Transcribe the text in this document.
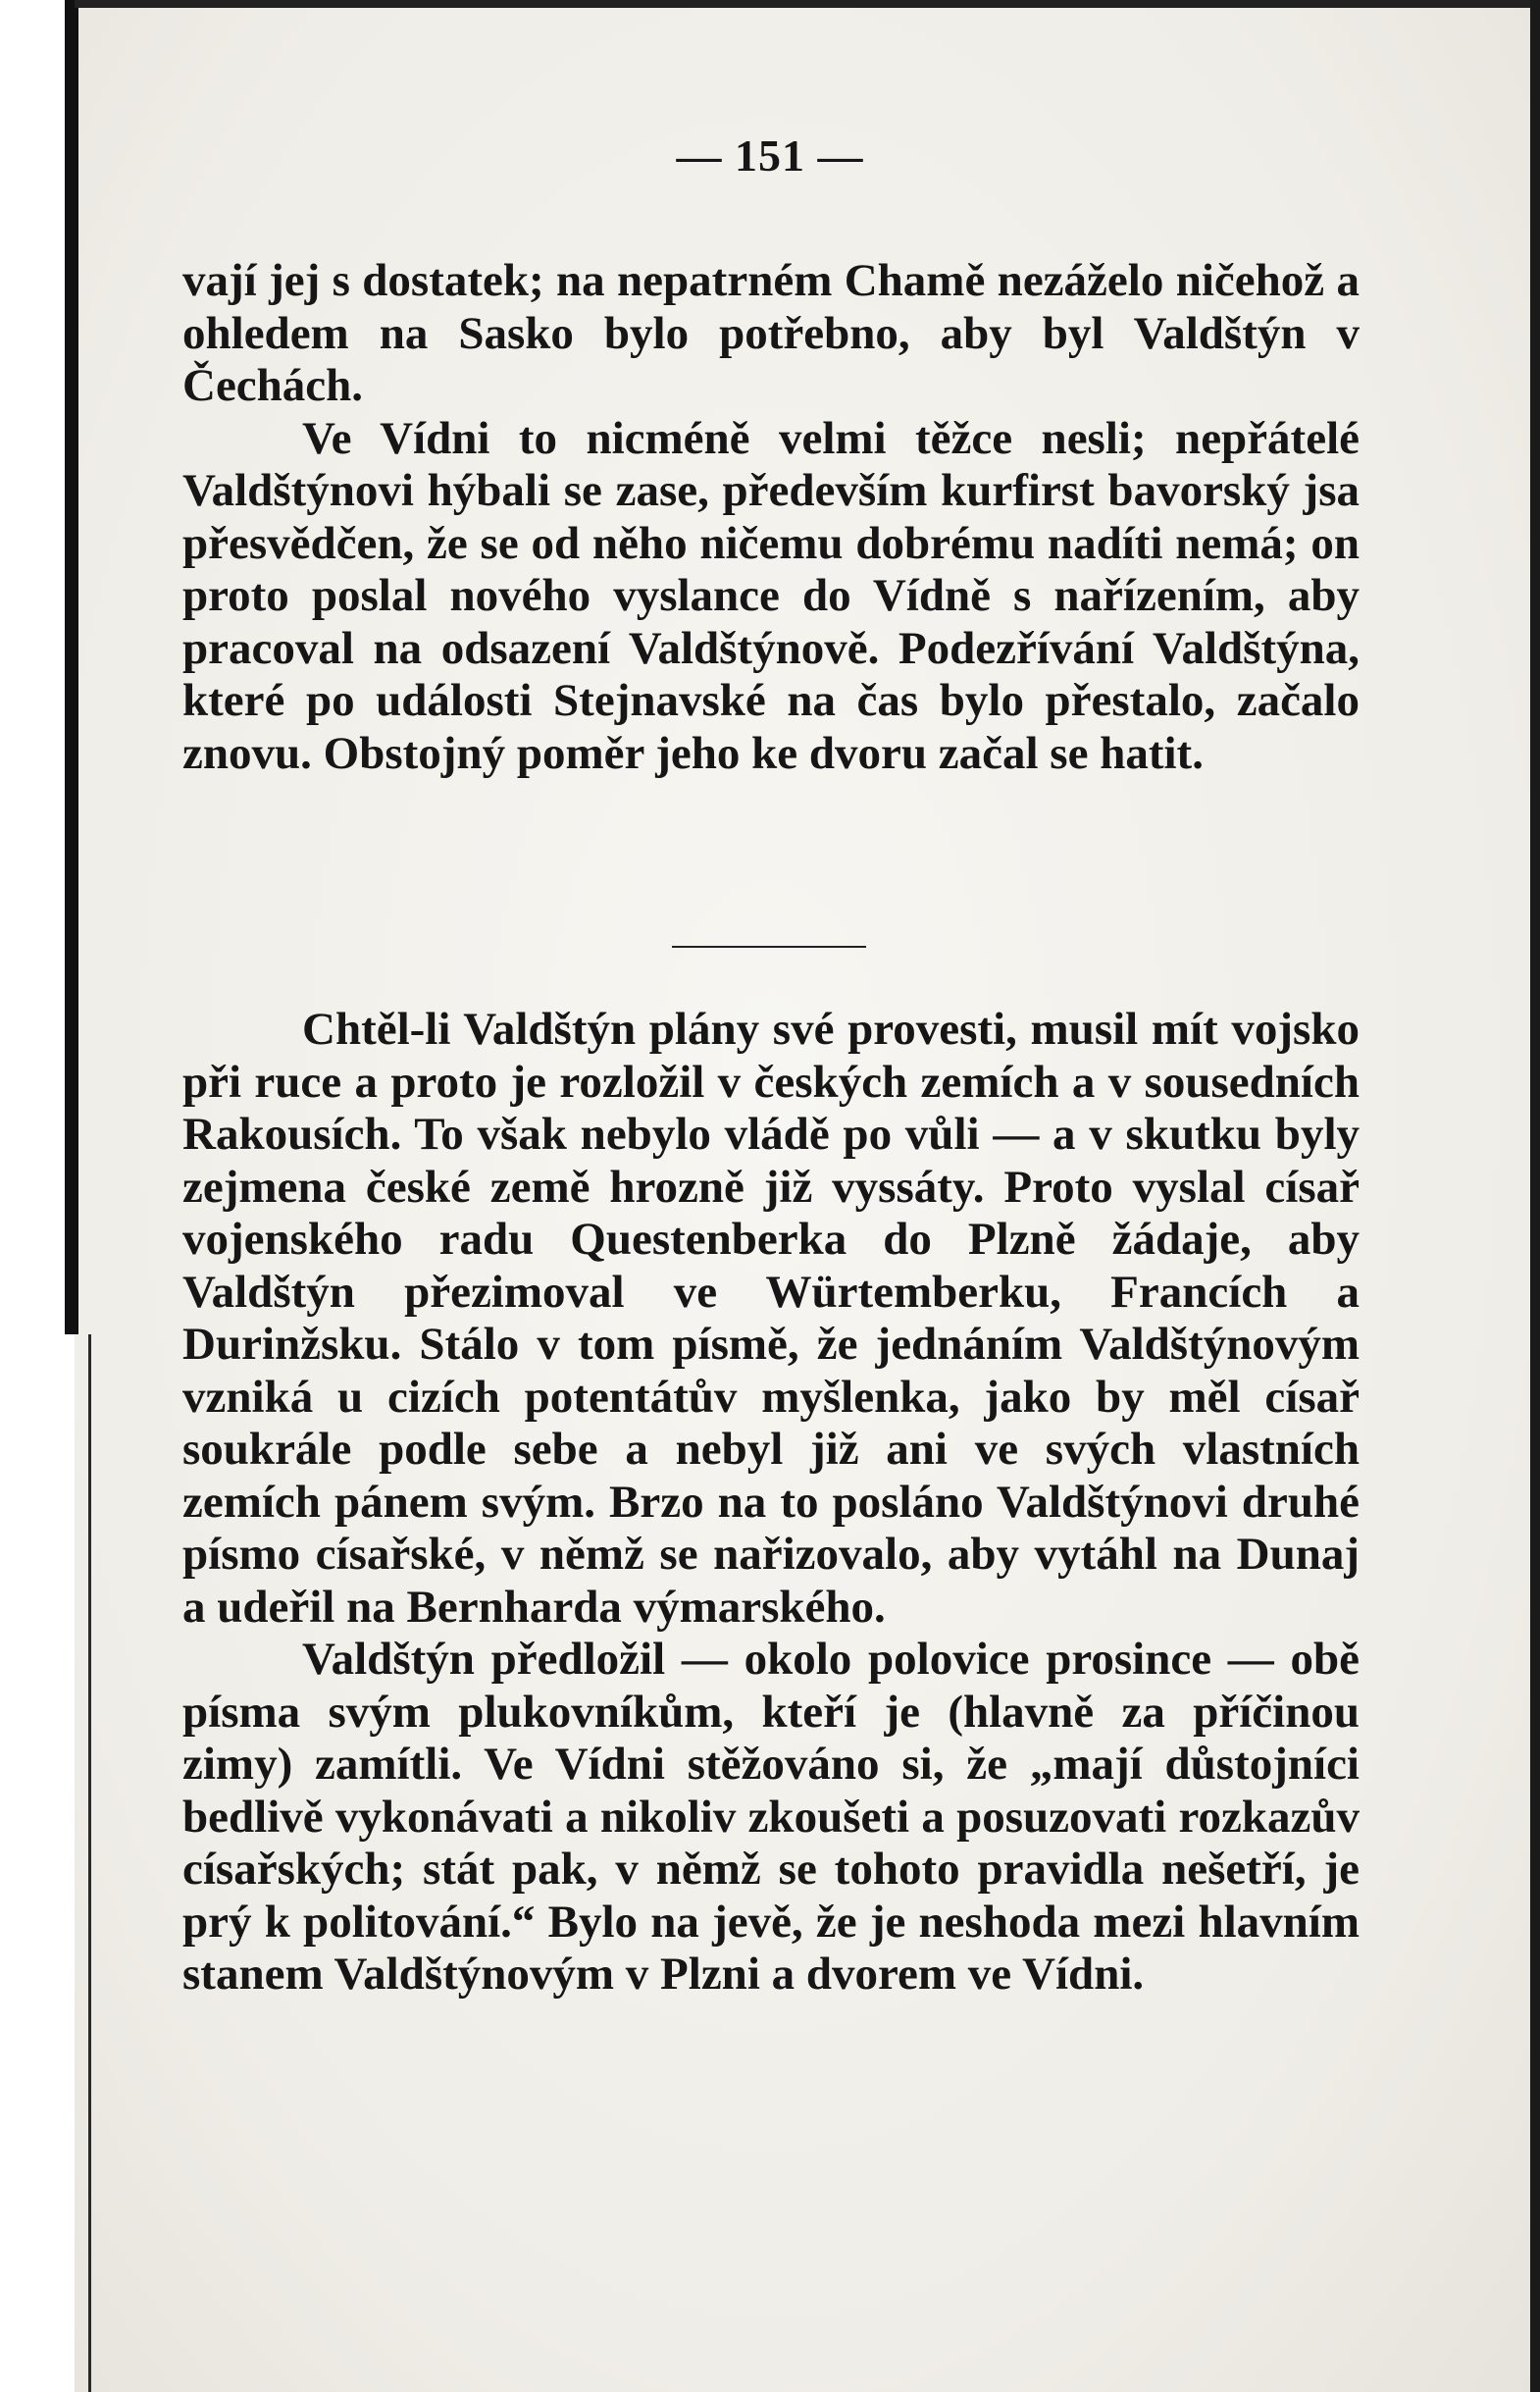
— 151 —

vají jej s dostatek; na nepatrném Chamě nezáželo ničehož a ohledem na Sasko bylo potřebno, aby byl Valdštýn v Čechách.

Ve Vídni to nicméně velmi těžce nesli; nepřátelé Valdštýnovi hýbali se zase, především kurfirst bavorský jsa přesvědčen, že se od něho ničemu dobrému nadíti nemá; on proto poslal nového vyslance do Vídně s nařízením, aby pracoval na odsazení Valdštýnově. Podezřívání Valdštýna, které po události Stejnavské na čas bylo přestalo, začalo znovu. Obstojný poměr jeho ke dvoru začal se hatit.

Chtěl-li Valdštýn plány své provesti, musil mít vojsko při ruce a proto je rozložil v českých zemích a v sousedních Rakousích. To však nebylo vládě po vůli — a v skutku byly zejmena české země hrozně již vyssáty. Proto vyslal císař vojenského radu Questenberka do Plzně žádaje, aby Valdštýn přezimoval ve Würtemberku, Francích a Durinžsku. Stálo v tom písmě, že jednáním Valdštýnovým vzniká u cizích potentátův myšlenka, jako by měl císař soukrále podle sebe a nebyl již ani ve svých vlastních zemích pánem svým. Brzo na to posláno Valdštýnovi druhé písmo císařské, v němž se nařizovalo, aby vytáhl na Dunaj a udeřil na Bernharda výmarského.

Valdštýn předložil — okolo polovice prosince — obě písma svým plukovníkům, kteří je (hlavně za příčinou zimy) zamítli. Ve Vídni stěžováno si, že „mají důstojníci bedlivě vykonávati a nikoliv zkoušeti a posuzovati rozkazův císařských; stát pak, v němž se tohoto pravidla nešetří, je prý k politování.“ Bylo na jevě, že je neshoda mezi hlavním stanem Valdštýnovým v Plzni a dvorem ve Vídni.
